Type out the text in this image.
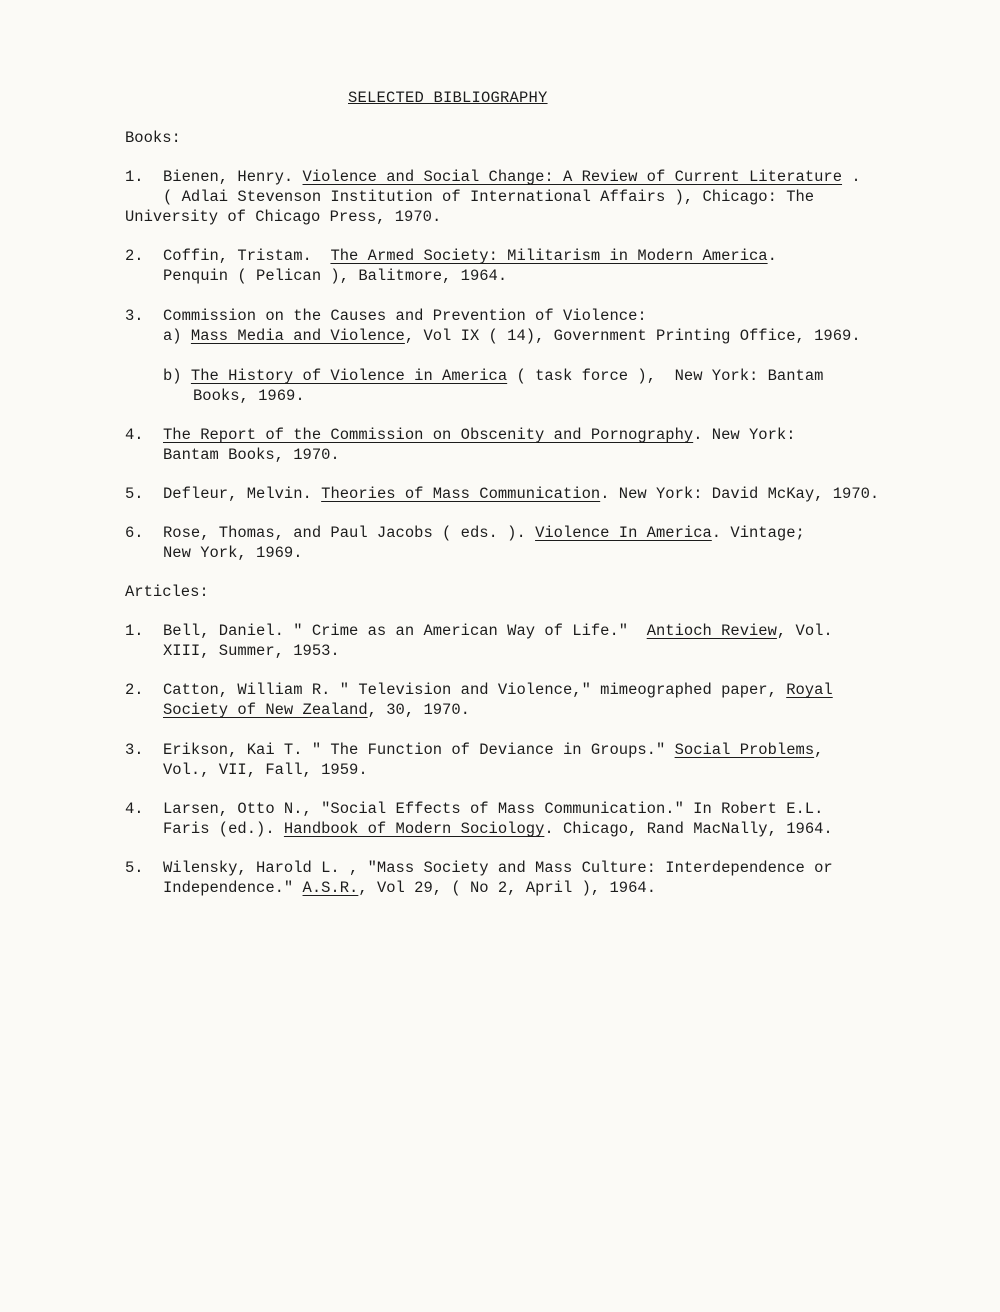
SELECTED BIBLIOGRAPHY
Books:
1. Bienen, Henry. Violence and Social Change: A Review of Current Literature .
( Adlai Stevenson Institution of International Affairs ), Chicago: The
University of Chicago Press, 1970.
2. Coffin, Tristam.  The Armed Society: Militarism in Modern America.
Penquin ( Pelican ), Balitmore, 1964.
3. Commission on the Causes and Prevention of Violence:
a) Mass Media and Violence, Vol IX ( 14), Government Printing Office, 1969.
b) The History of Violence in America ( task force ),  New York: Bantam
Books, 1969.
4. The Report of the Commission on Obscenity and Pornography. New York:
Bantam Books, 1970.
5. Defleur, Melvin. Theories of Mass Communication. New York: David McKay, 1970.
6. Rose, Thomas, and Paul Jacobs ( eds. ). Violence In America. Vintage;
New York, 1969.
Articles:
1. Bell, Daniel. " Crime as an American Way of Life."  Antioch Review, Vol.
XIII, Summer, 1953.
2. Catton, William R. " Television and Violence," mimeographed paper, Royal
Society of New Zealand, 30, 1970.
3. Erikson, Kai T. " The Function of Deviance in Groups." Social Problems,
Vol., VII, Fall, 1959.
4. Larsen, Otto N., "Social Effects of Mass Communication." In Robert E.L.
Faris (ed.). Handbook of Modern Sociology. Chicago, Rand MacNally, 1964.
5. Wilensky, Harold L. , "Mass Society and Mass Culture: Interdependence or
Independence." A.S.R., Vol 29, ( No 2, April ), 1964.
